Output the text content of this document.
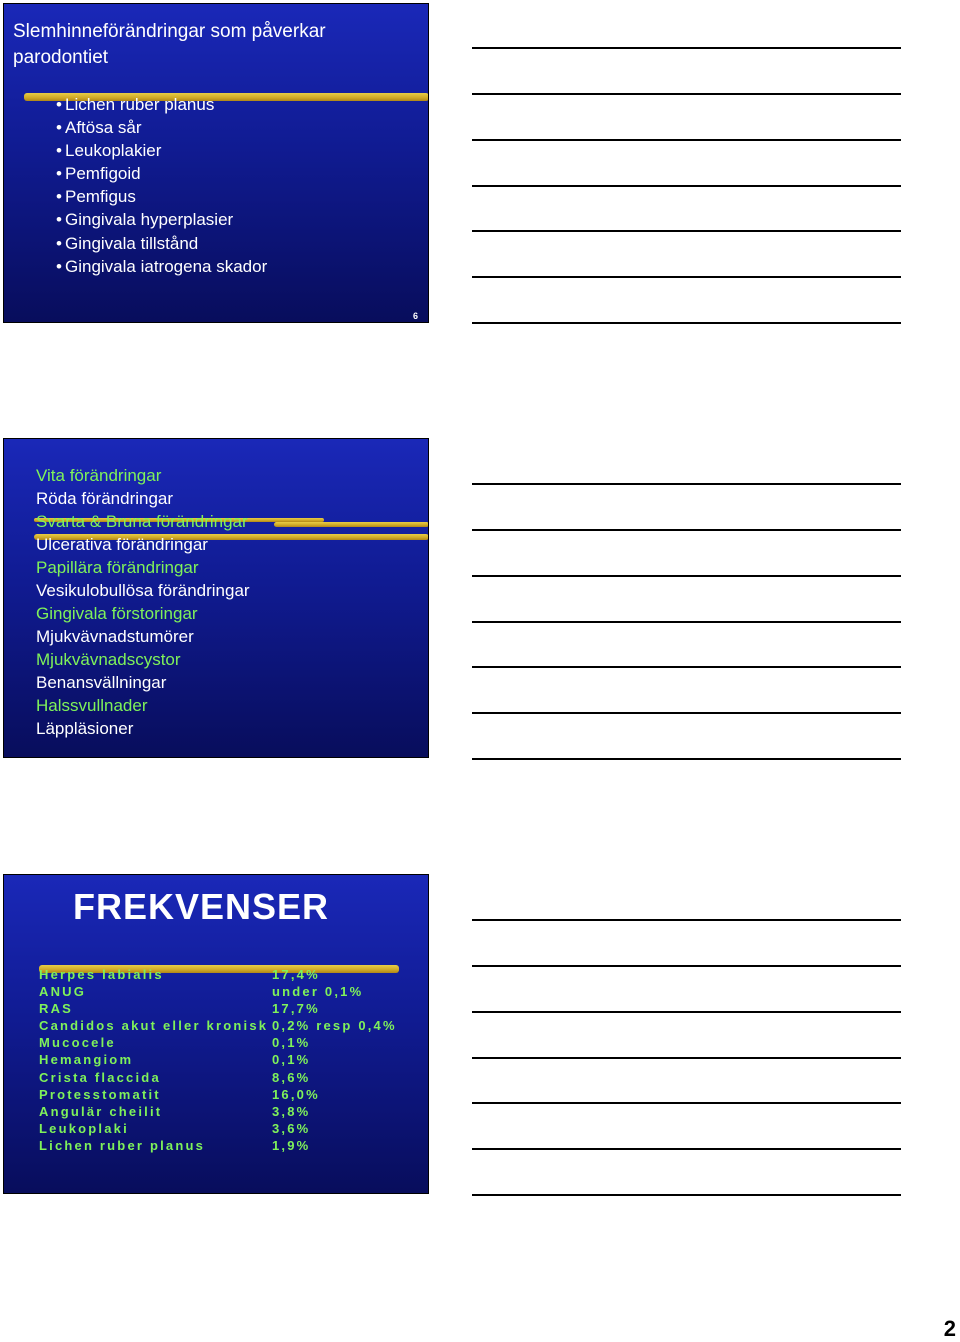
Slemhinneförändringar som påverkar
parodontiet
• Lichen ruber planus
• Aftösa sår
• Leukoplakier
• Pemfigoid
• Pemfigus
• Gingivala hyperplasier
• Gingivala tillstånd
• Gingivala iatrogena skador
6
Vita förändringar
Röda förändringar
Svarta & Bruna förändringar
Ulcerativa förändringar
Papillära förändringar
Vesikulobullösa förändringar
Gingivala förstoringar
Mjukvävnadstumörer
Mjukvävnadscystor
Benansvällningar
Halssvullnader
Läppläsioner
FREKVENSER
Herpes labialis	17,4%
ANUG	under 0,1%
RAS	17,7%
Candidos akut eller kronisk 0,2% resp 0,4%
Mucocele	0,1%
Hemangiom	0,1%
Crista flaccida	8,6%
Protesstomatit	16,0%
Angulär cheilit	3,8%
Leukoplaki	3,6%
Lichen ruber planus	1,9%
2
